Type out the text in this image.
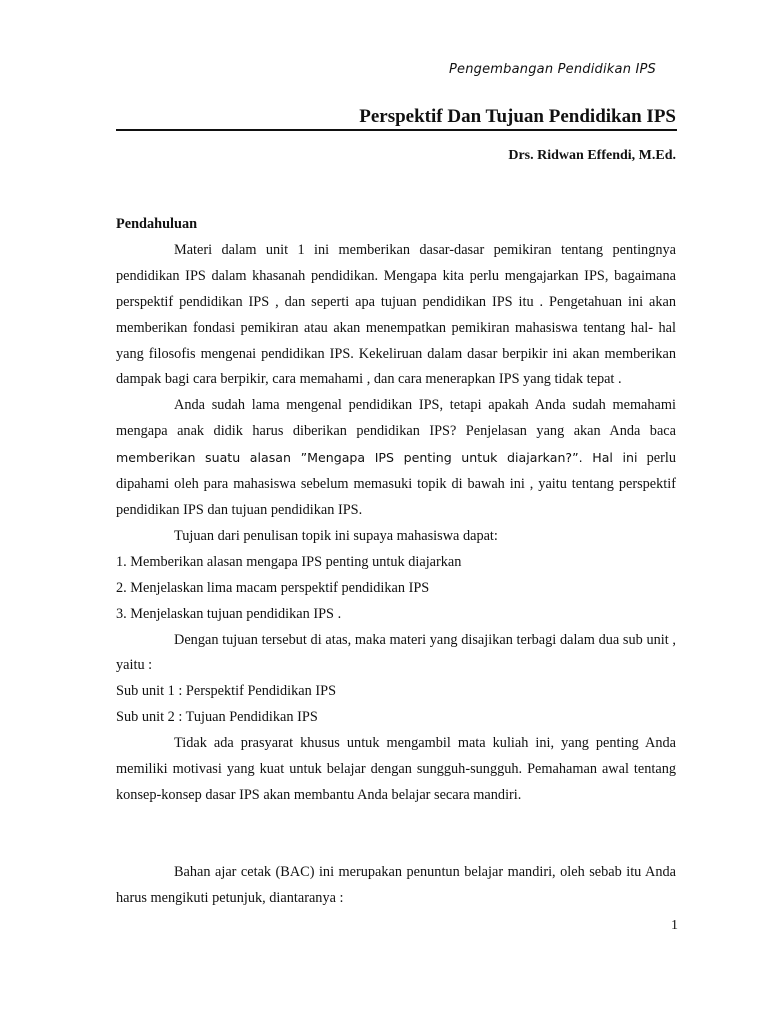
Pengembangan Pendidikan IPS
Perspektif Dan Tujuan Pendidikan IPS
Drs. Ridwan Effendi, M.Ed.

Pendahuluan

Materi dalam unit 1 ini memberikan dasar-dasar pemikiran tentang pentingnya pendidikan IPS dalam khasanah pendidikan. Mengapa kita perlu mengajarkan IPS, bagaimana perspektif pendidikan IPS , dan seperti apa tujuan pendidikan IPS itu . Pengetahuan ini akan memberikan fondasi pemikiran atau akan menempatkan pemikiran mahasiswa tentang hal- hal yang filosofis mengenai pendidikan IPS. Kekeliruan dalam dasar berpikir ini akan memberikan dampak bagi cara berpikir, cara memahami , dan cara menerapkan IPS yang tidak tepat .

Anda sudah lama mengenal pendidikan IPS, tetapi apakah Anda sudah memahami mengapa anak didik harus diberikan pendidikan IPS? Penjelasan yang akan Anda baca memberikan suatu alasan ”Mengapa IPS penting untuk diajarkan?”. Hal ini perlu dipahami oleh para mahasiswa sebelum memasuki topik di bawah ini , yaitu tentang perspektif pendidikan IPS dan tujuan pendidikan IPS.

Tujuan dari penulisan topik ini supaya mahasiswa dapat:

1. Memberikan alasan mengapa IPS penting untuk diajarkan

2. Menjelaskan lima macam perspektif pendidikan IPS

3. Menjelaskan tujuan pendidikan IPS .

Dengan tujuan tersebut di atas, maka materi yang disajikan terbagi dalam dua sub unit , yaitu :

Sub unit 1 : Perspektif Pendidikan IPS

Sub unit 2 : Tujuan Pendidikan IPS

Tidak ada prasyarat khusus untuk mengambil mata kuliah ini, yang penting Anda memiliki motivasi yang kuat untuk belajar dengan sungguh-sungguh. Pemahaman awal tentang konsep-konsep dasar IPS akan membantu Anda belajar secara mandiri.

Bahan ajar cetak (BAC) ini merupakan penuntun belajar mandiri, oleh sebab itu Anda harus mengikuti petunjuk, diantaranya :

1
